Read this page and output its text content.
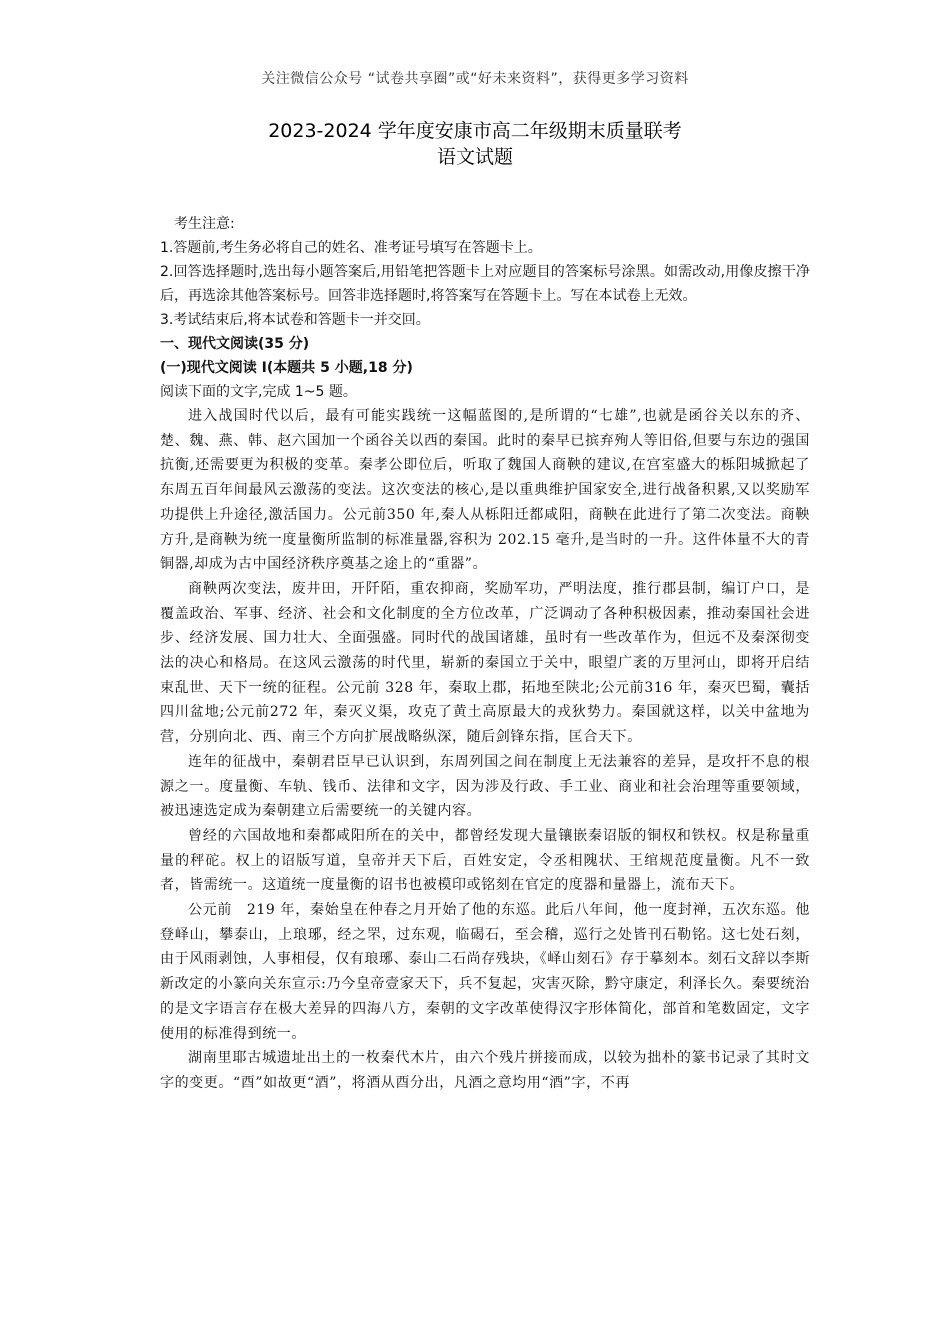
关注微信公众号 “试卷共享圈”或“好未来资料”，获得更多学习资料
2023-2024 学年度安康市高二年级期末质量联考
语文试题
考生注意:
1.答题前,考生务必将自己的姓名、准考证号填写在答题卡上。
2.回答选择题时,选出每小题答案后,用铅笔把答题卡上对应题目的答案标号涂黑。如需改动,用像皮擦干净后，再选涂其他答案标号。回答非选择题时,将答案写在答题卡上。写在本试卷上无效。
3.考试结束后,将本试卷和答题卡一并交回。
一、现代文阅读(35 分)
(一)现代文阅读 I(本题共 5 小题,18 分)
阅读下面的文字,完成 1~5 题。

进入战国时代以后，最有可能实践统一这幅蓝图的,是所谓的“七雄”,也就是函谷关以东的齐、楚、魏、燕、韩、赵六国加一个函谷关以西的秦国。此时的秦早已摈弃殉人等旧俗,但要与东边的强国抗衡,还需要更为积极的变革。秦孝公即位后，听取了魏国人商鞅的建议,在宫室盛大的栎阳城掀起了东周五百年间最风云激荡的变法。这次变法的核心,是以重典维护国家安全,进行战备积累,又以奖励军功提供上升途径,激活国力。公元前350 年,秦人从栎阳迁都咸阳，商鞅在此进行了第二次变法。商鞅方升,是商鞅为统一度量衡所监制的标准量器,容积为 202.15 毫升,是当时的一升。这件体量不大的青铜器,却成为古中国经济秩序奠基之途上的“重器”。

商鞅两次变法，废井田，开阡陌，重农抑商，奖励军功，严明法度，推行郡县制，编订户口，是覆盖政治、军事、经济、社会和文化制度的全方位改革，广泛调动了各种积极因素，推动秦国社会进步、经济发展、国力壮大、全面强盛。同时代的战国诸雄，虽时有一些改革作为，但远不及秦深彻变法的决心和格局。在这风云激荡的时代里，崭新的秦国立于关中，眼望广袤的万里河山，即将开启结束乱世、天下一统的征程。公元前 328 年，秦取上郡，拓地至陕北;公元前316 年，秦灭巴蜀，囊括四川盆地;公元前272 年，秦灭义渠，攻克了黄土高原最大的戎狄势力。秦国就这样，以关中盆地为营，分别向北、西、南三个方向扩展战略纵深，随后剑锋东指，匡合天下。

连年的征战中，秦朝君臣早已认识到，东周列国之间在制度上无法兼容的差异，是攻扞不息的根源之一。度量衡、车轨、钱币、法律和文字，因为涉及行政、手工业、商业和社会治理等重要领域，被迅速选定成为秦朝建立后需要统一的关键内容。

曾经的六国故地和秦都咸阳所在的关中，都曾经发现大量镶嵌秦诏版的铜权和铁权。权是称量重量的秤砣。权上的诏版写道，皇帝并天下后，百姓安定，令丞相隗状、王绾规范度量衡。凡不一致者，皆需统一。这道统一度量衡的诏书也被模印或铭刻在官定的度器和量器上，流布天下。

公元前　219 年，秦始皇在仲春之月开始了他的东巡。此后八年间，他一度封禅，五次东巡。他登峄山，攀泰山，上琅琊，经之罘，过东观，临碣石，至会稽，巡行之处皆刊石勒铭。这七处石刻，由于风雨剥蚀，人事相侵，仅有琅琊、泰山二石尚存残块，《峄山刻石》存于摹刻本。刻石文辞以李斯新改定的小篆向关东宣示:乃今皇帝壹家天下，兵不复起，灾害灭除，黔守康定，利泽长久。秦要统治的是文字语言存在极大差异的四海八方，秦朝的文字改革使得汉字形体简化，部首和笔数固定，文字使用的标准得到统一。

湖南里耶古城遗址出土的一枚秦代木片，由六个残片拼接而成，以较为拙朴的篆书记录了其时文字的变更。“酉”如故更“酒”，将酒从酉分出，凡酒之意均用“酒”字，不再
